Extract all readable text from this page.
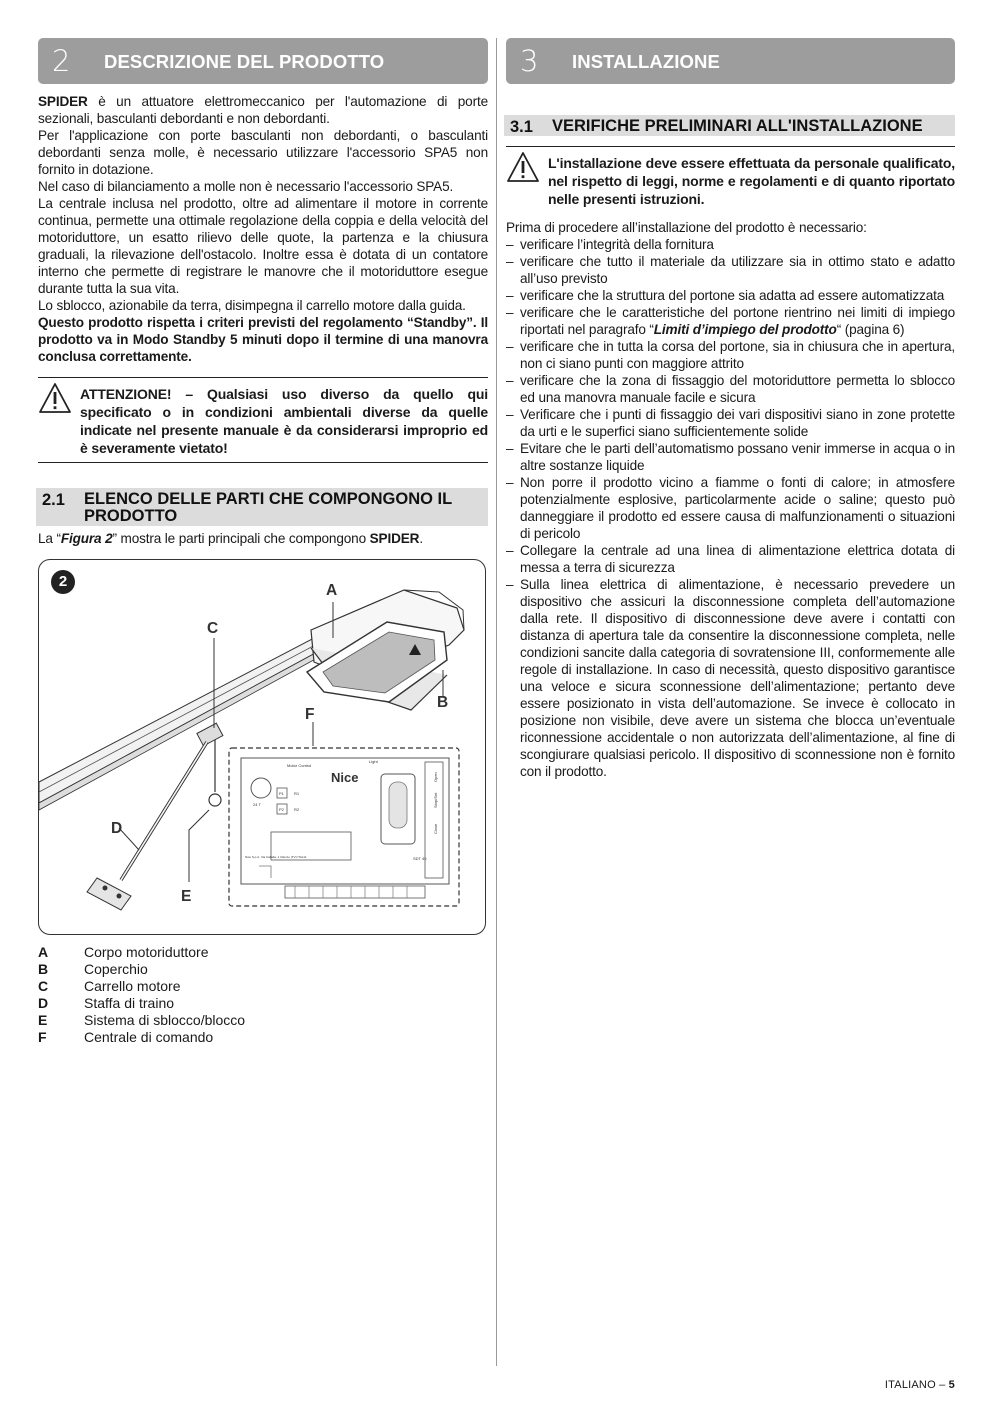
2 DESCRIZIONE DEL PRODOTTO

SPIDER è un attuatore elettromeccanico per l'automazione di porte sezionali, basculanti debordanti e non debordanti.

Per l'applicazione con porte basculanti non debordanti, o basculanti debordanti senza molle, è necessario utilizzare l'accessorio SPA5 non fornito in dotazione.

Nel caso di bilanciamento a molle non è necessario l'accessorio SPA5.

La centrale inclusa nel prodotto, oltre ad alimentare il motore in corrente continua, permette una ottimale regolazione della coppia e della velocità del motoriduttore, un esatto rilievo delle quote, la partenza e la chiusura graduali, la rilevazione dell'ostacolo. Inoltre essa è dotata di un contatore interno che permette di registrare le manovre che il motoriduttore esegue durante tutta la sua vita.

Lo sblocco, azionabile da terra, disimpegna il carrello motore dalla guida.

Questo prodotto rispetta i criteri previsti del regolamento “Standby”. Il prodotto va in Modo Standby 5 minuti dopo il termine di una manovra conclusa correttamente.

ATTENZIONE! – Qualsiasi uso diverso da quello qui specificato o in condizioni ambientali diverse da quelle indicate nel presente manuale è da considerarsi improprio ed è severamente vietato!
2.1 ELENCO DELLE PARTI CHE COMPONGONO IL PRODOTTO
La “Figura 2” mostra le parti principali che compongono SPIDER.
2
Nice
Motor Control
Light
P1
P2
R1
R2
24 T
Open
Stop/Set
Close
SDT 40
Nice S.p.A. Via Callalta, 1 Oderzo (TV) ITALIA
A
C
B
F
D
E
A	Corpo motoriduttore
B	Coperchio
C	Carrello motore
D	Staffa di traino
E	Sistema di sblocco/blocco
F	Centrale di comando
3 INSTALLAZIONE
3.1 VERIFICHE PRELIMINARI ALL'INSTALLAZIONE
L'installazione deve essere effettuata da personale qualificato, nel rispetto di leggi, norme e regolamenti e di quanto riportato nelle presenti istruzioni.

Prima di procedere all’installazione del prodotto è necessario:

– verificare l’integrità della fornitura
– verificare che tutto il materiale da utilizzare sia in ottimo stato e adatto all’uso previsto
– verificare che la struttura del portone sia adatta ad essere automatizzata
– verificare che le caratteristiche del portone rientrino nei limiti di impiego riportati nel paragrafo “Limiti d’impiego del prodotto“ (pagina 6)
– verificare che in tutta la corsa del portone, sia in chiusura che in apertura, non ci siano punti con maggiore attrito
– verificare che la zona di fissaggio del motoriduttore permetta lo sblocco ed una manovra manuale facile e sicura
– Verificare che i punti di fissaggio dei vari dispositivi siano in zone protette da urti e le superfici siano sufficientemente solide
– Evitare che le parti dell’automatismo possano venir immerse in acqua o in altre sostanze liquide
– Non porre il prodotto vicino a fiamme o fonti di calore; in atmosfere potenzialmente esplosive, particolarmente acide o saline; questo può danneggiare il prodotto ed essere causa di malfunzionamenti o situazioni di pericolo
– Collegare la centrale ad una linea di alimentazione elettrica dotata di messa a terra di sicurezza
– Sulla linea elettrica di alimentazione, è necessario prevedere un dispositivo che assicuri la disconnessione completa dell’automazione dalla rete. Il dispositivo di disconnessione deve avere i contatti con distanza di apertura tale da consentire la disconnessione completa, nelle condizioni sancite dalla categoria di sovratensione III, conformemente alle regole di installazione. In caso di necessità, questo dispositivo garantisce una veloce e sicura sconnessione dell’alimentazione; pertanto deve essere posizionato in vista dell’automazione. Se invece è collocato in posizione non visibile, deve avere un sistema che blocca un’eventuale riconnessione accidentale o non autorizzata dell’alimentazione, al fine di scongiurare qualsiasi pericolo. Il dispositivo di sconnessione non è fornito con il prodotto.
ITALIANO – 5
